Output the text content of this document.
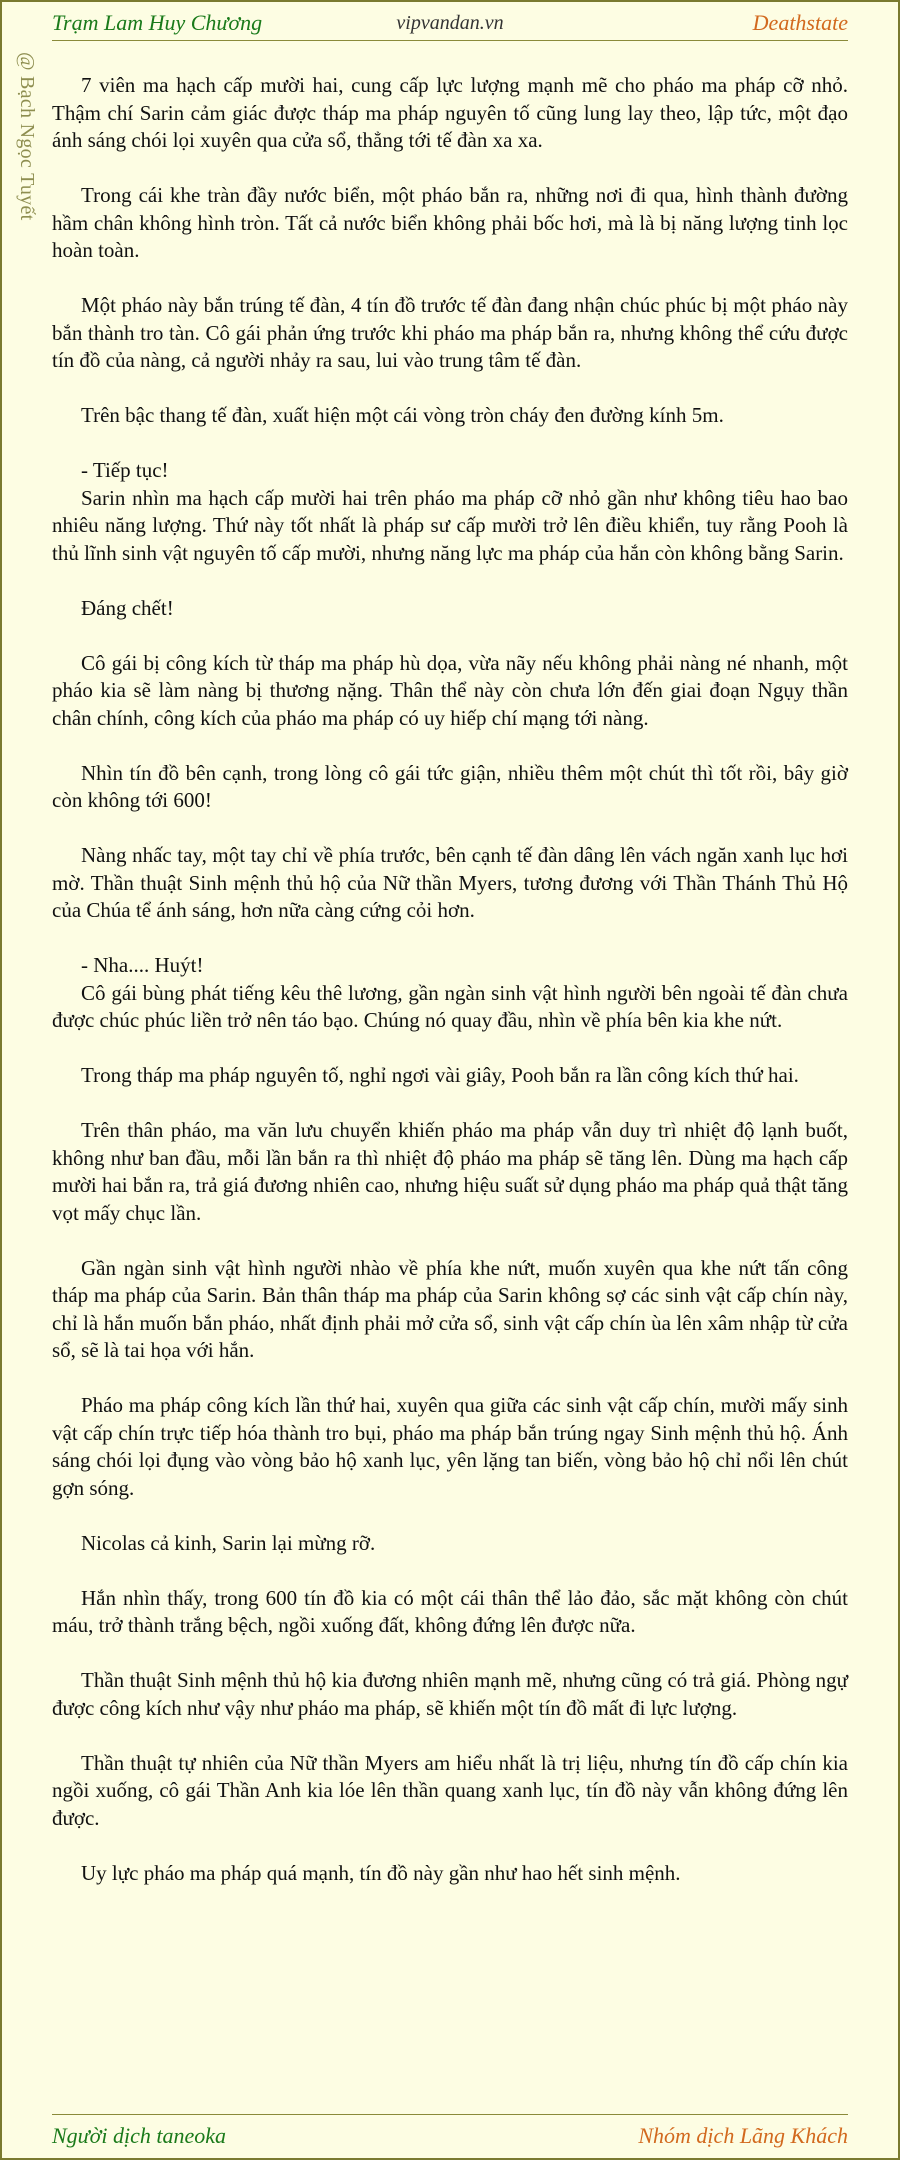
Trạm Lam Huy Chương	vipvandan.vn	Deathstate
@ Bạch Ngọc Tuyết	7 viên ma hạch cấp mười hai, cung cấp lực lượng mạnh mẽ cho pháo ma pháp cỡ nhỏ. Thậm chí Sarin cảm giác được tháp ma pháp nguyên tố cũng lung lay theo, lập tức, một đạo ánh sáng chói lọi xuyên qua cửa sổ, thẳng tới tế đàn xa xa.

Trong cái khe tràn đầy nước biển, một pháo bắn ra, những nơi đi qua, hình thành đường hầm chân không hình tròn. Tất cả nước biển không phải bốc hơi, mà là bị năng lượng tinh lọc hoàn toàn.

Một pháo này bắn trúng tế đàn, 4 tín đồ trước tế đàn đang nhận chúc phúc bị một pháo này bắn thành tro tàn. Cô gái phản ứng trước khi pháo ma pháp bắn ra, nhưng không thể cứu được tín đồ của nàng, cả người nhảy ra sau, lui vào trung tâm tế đàn.

Trên bậc thang tế đàn, xuất hiện một cái vòng tròn cháy đen đường kính 5m.

- Tiếp tục!

Sarin nhìn ma hạch cấp mười hai trên pháo ma pháp cỡ nhỏ gần như không tiêu hao bao nhiêu năng lượng. Thứ này tốt nhất là pháp sư cấp mười trở lên điều khiển, tuy rằng Pooh là thủ lĩnh sinh vật nguyên tố cấp mười, nhưng năng lực ma pháp của hắn còn không bằng Sarin.

Đáng chết!

Cô gái bị công kích từ tháp ma pháp hù dọa, vừa nãy nếu không phải nàng né nhanh, một pháo kia sẽ làm nàng bị thương nặng. Thân thể này còn chưa lớn đến giai đoạn Ngụy thần chân chính, công kích của pháo ma pháp có uy hiếp chí mạng tới nàng.

Nhìn tín đồ bên cạnh, trong lòng cô gái tức giận, nhiều thêm một chút thì tốt rồi, bây giờ còn không tới 600!

Nàng nhấc tay, một tay chỉ về phía trước, bên cạnh tế đàn dâng lên vách ngăn xanh lục hơi mờ. Thần thuật Sinh mệnh thủ hộ của Nữ thần Myers, tương đương với Thần Thánh Thủ Hộ của Chúa tể ánh sáng, hơn nữa càng cứng cỏi hơn.

- Nha.... Huýt!

Cô gái bùng phát tiếng kêu thê lương, gần ngàn sinh vật hình người bên ngoài tế đàn chưa được chúc phúc liền trở nên táo bạo. Chúng nó quay đầu, nhìn về phía bên kia khe nứt.

Trong tháp ma pháp nguyên tố, nghỉ ngơi vài giây, Pooh bắn ra lần công kích thứ hai.

Trên thân pháo, ma văn lưu chuyển khiến pháo ma pháp vẫn duy trì nhiệt độ lạnh buốt, không như ban đầu, mỗi lần bắn ra thì nhiệt độ pháo ma pháp sẽ tăng lên. Dùng ma hạch cấp mười hai bắn ra, trả giá đương nhiên cao, nhưng hiệu suất sử dụng pháo ma pháp quả thật tăng vọt mấy chục lần.

Gần ngàn sinh vật hình người nhào về phía khe nứt, muốn xuyên qua khe nứt tấn công tháp ma pháp của Sarin. Bản thân tháp ma pháp của Sarin không sợ các sinh vật cấp chín này, chỉ là hắn muốn bắn pháo, nhất định phải mở cửa sổ, sinh vật cấp chín ùa lên xâm nhập từ cửa sổ, sẽ là tai họa với hắn.

Pháo ma pháp công kích lần thứ hai, xuyên qua giữa các sinh vật cấp chín, mười mấy sinh vật cấp chín trực tiếp hóa thành tro bụi, pháo ma pháp bắn trúng ngay Sinh mệnh thủ hộ. Ánh sáng chói lọi đụng vào vòng bảo hộ xanh lục, yên lặng tan biến, vòng bảo hộ chỉ nổi lên chút gợn sóng.

Nicolas cả kinh, Sarin lại mừng rỡ.

Hắn nhìn thấy, trong 600 tín đồ kia có một cái thân thể lảo đảo, sắc mặt không còn chút máu, trở thành trắng bệch, ngồi xuống đất, không đứng lên được nữa.

Thần thuật Sinh mệnh thủ hộ kia đương nhiên mạnh mẽ, nhưng cũng có trả giá. Phòng ngự được công kích như vậy như pháo ma pháp, sẽ khiến một tín đồ mất đi lực lượng.

Thần thuật tự nhiên của Nữ thần Myers am hiểu nhất là trị liệu, nhưng tín đồ cấp chín kia ngồi xuống, cô gái Thần Anh kia lóe lên thần quang xanh lục, tín đồ này vẫn không đứng lên được.

Uy lực pháo ma pháp quá mạnh, tín đồ này gần như hao hết sinh mệnh.

Người dịch taneoka	Nhóm dịch Lãng Khách
